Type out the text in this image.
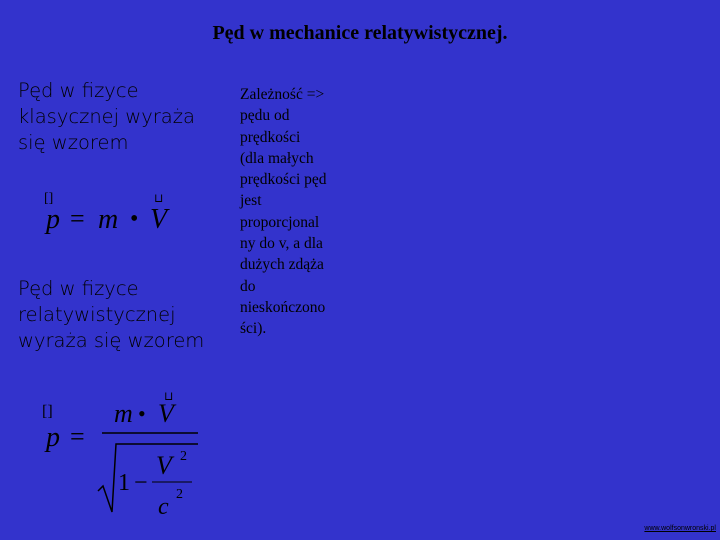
Pęd w mechanice relatywistycznej.
Pęd w fizyce klasycznej wyraża się wzorem
[]
p = m •
⊔
V
Pęd w fizyce relatywistycznej wyraża się wzorem
[] m •
⊔
V
p =
1 −
V 2
c 2
Zależność =>
pędu od
prędkości
(dla małych
prędkości pęd
jest
proporcjonal
ny do v, a dla
dużych zdąża
do
nieskończono
ści).
www.wolfsonwronski.pl
